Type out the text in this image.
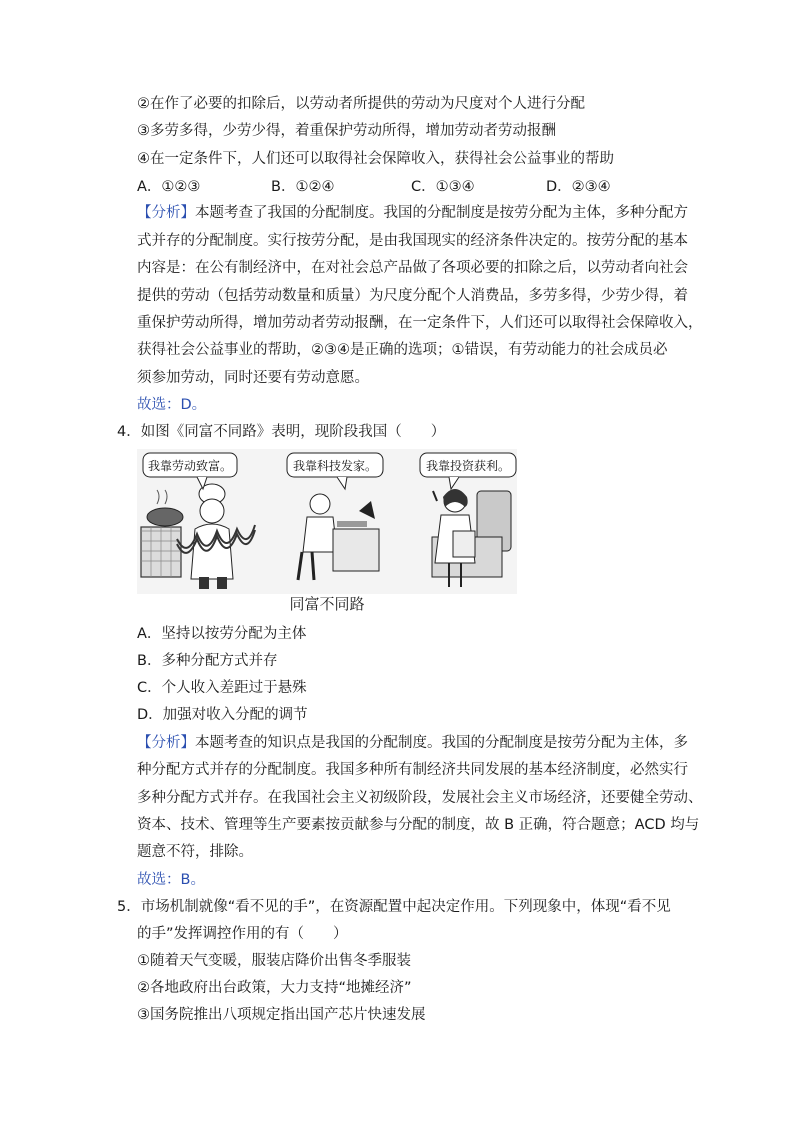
②在作了必要的扣除后，以劳动者所提供的劳动为尺度对个人进行分配
③多劳多得，少劳少得，着重保护劳动所得，增加劳动者劳动报酬
④在一定条件下，人们还可以取得社会保障收入，获得社会公益事业的帮助
A．①②③	B．①②④	C．①③④	D．②③④
【分析】本题考查了我国的分配制度。我国的分配制度是按劳分配为主体，多种分配方
式并存的分配制度。实行按劳分配，是由我国现实的经济条件决定的。按劳分配的基本
内容是：在公有制经济中，在对社会总产品做了各项必要的扣除之后，以劳动者向社会
提供的劳动（包括劳动数量和质量）为尺度分配个人消费品，多劳多得，少劳少得，着
重保护劳动所得，增加劳动者劳动报酬，在一定条件下，人们还可以取得社会保障收入，
获得社会公益事业的帮助，②③④是正确的选项；①错误，有劳动能力的社会成员必
须参加劳动，同时还要有劳动意愿。
故选：D。
4．如图《同富不同路》表明，现阶段我国（　　）
我靠劳动致富。	我靠科技发家。	我靠投资获利。
同富不同路
A．坚持以按劳分配为主体
B．多种分配方式并存
C．个人收入差距过于悬殊
D．加强对收入分配的调节
【分析】本题考查的知识点是我国的分配制度。我国的分配制度是按劳分配为主体，多
种分配方式并存的分配制度。我国多种所有制经济共同发展的基本经济制度，必然实行
多种分配方式并存。在我国社会主义初级阶段，发展社会主义市场经济，还要健全劳动、
资本、技术、管理等生产要素按贡献参与分配的制度，故 B 正确，符合题意；ACD 均与
题意不符，排除。
故选：B。
5．市场机制就像“看不见的手”，在资源配置中起决定作用。下列现象中，体现“看不见
的手”发挥调控作用的有（　　）
①随着天气变暖，服装店降价出售冬季服装
②各地政府出台政策，大力支持“地摊经济”
③国务院推出八项规定指出国产芯片快速发展
